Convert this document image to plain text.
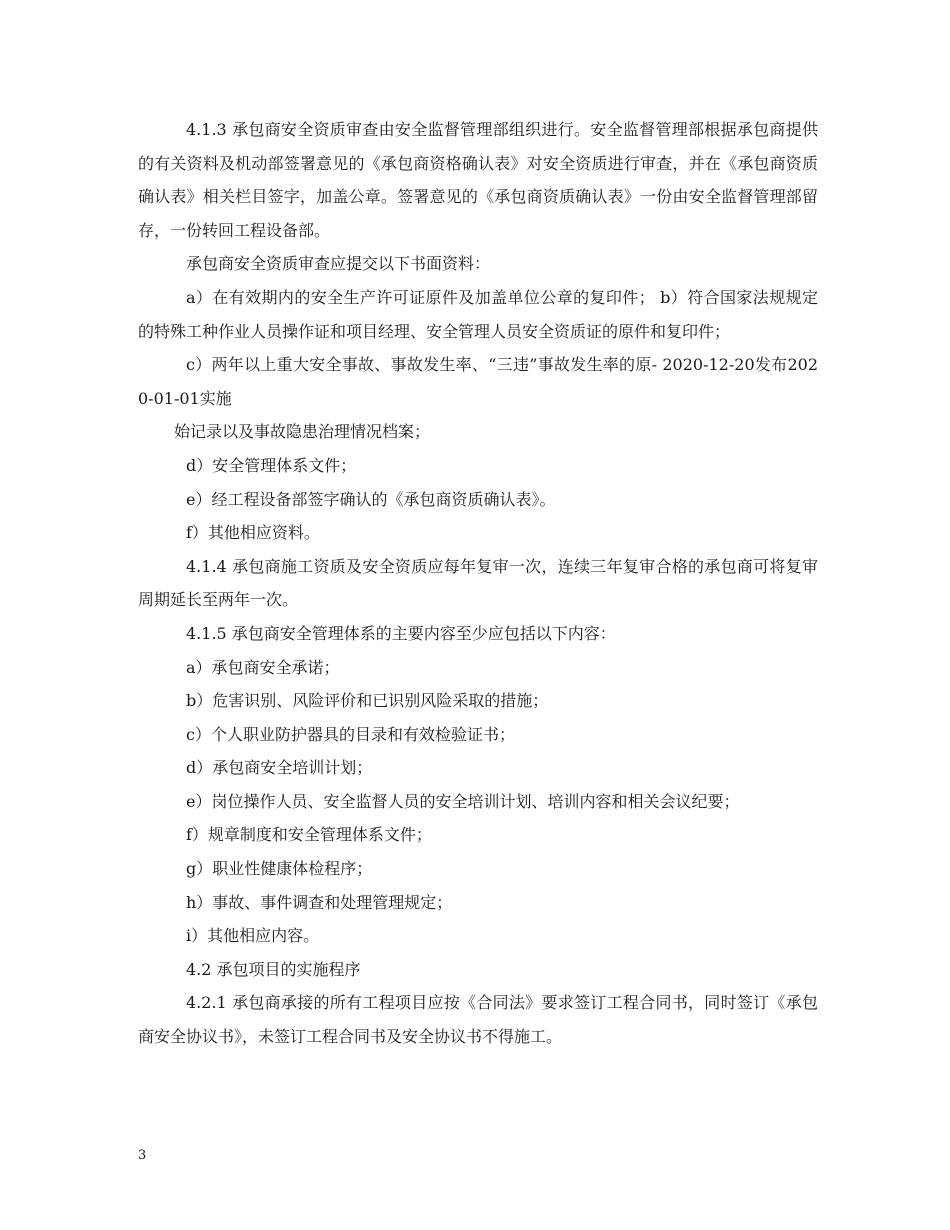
4.1.3 承包商安全资质审查由安全监督管理部组织进行。安全监督管理部根据承包商提供的有关资料及机动部签署意见的《承包商资格确认表》对安全资质进行审查，并在《承包商资质确认表》相关栏目签字，加盖公章。签署意见的《承包商资质确认表》一份由安全监督管理部留存，一份转回工程设备部。

承包商安全资质审查应提交以下书面资料：

a）在有效期内的安全生产许可证原件及加盖单位公章的复印件； b）符合国家法规规定的特殊工种作业人员操作证和项目经理、安全管理人员安全资质证的原件和复印件；

c）两年以上重大安全事故、事故发生率、“三违”事故发生率的原- 2020-12-20发布2020-01-01实施

始记录以及事故隐患治理情况档案；

d）安全管理体系文件；

e）经工程设备部签字确认的《承包商资质确认表》。

f）其他相应资料。

4.1.4 承包商施工资质及安全资质应每年复审一次，连续三年复审合格的承包商可将复审周期延长至两年一次。

4.1.5 承包商安全管理体系的主要内容至少应包括以下内容：

a）承包商安全承诺；

b）危害识别、风险评价和已识别风险采取的措施；

c）个人职业防护器具的目录和有效检验证书；

d）承包商安全培训计划；

e）岗位操作人员、安全监督人员的安全培训计划、培训内容和相关会议纪要；

f）规章制度和安全管理体系文件；

g）职业性健康体检程序；

h）事故、事件调查和处理管理规定；

i）其他相应内容。

4.2 承包项目的实施程序

4.2.1 承包商承接的所有工程项目应按《合同法》要求签订工程合同书，同时签订《承包商安全协议书》，未签订工程合同书及安全协议书不得施工。

3
